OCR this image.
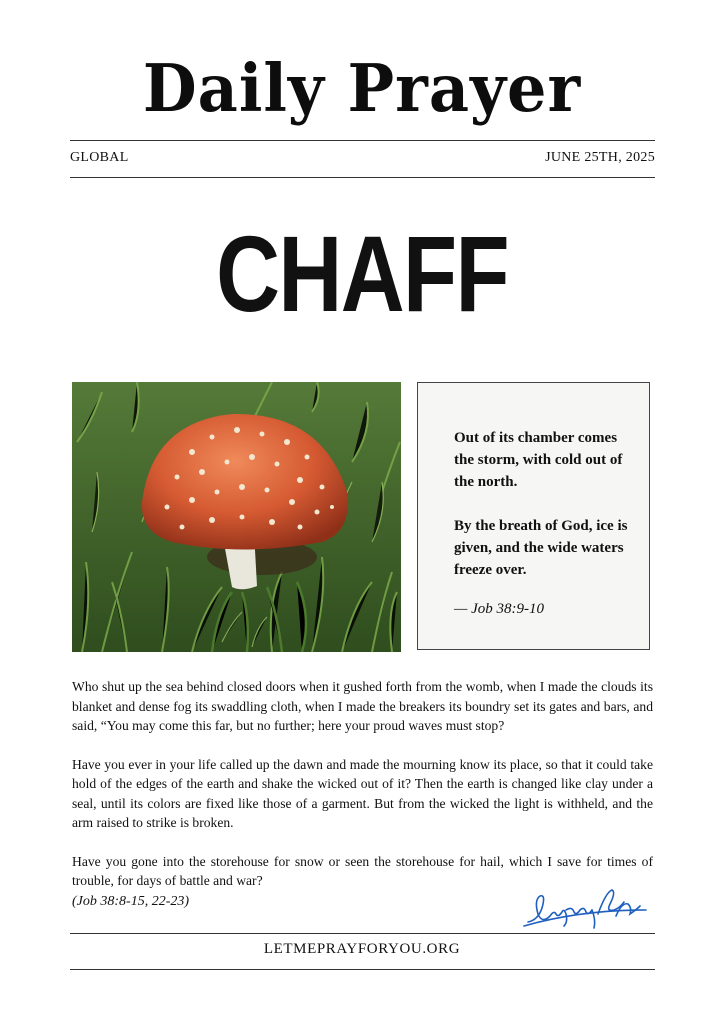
Daily Prayer
GLOBAL	JUNE 25TH, 2025
CHAFF

Out of its chamber comes the storm, with cold out of the north.

By the breath of God, ice is given, and the wide waters freeze over.

— Job 38:9-10

Who shut up the sea behind closed doors when it gushed forth from the womb, when I made the clouds its blanket and dense fog its swaddling cloth, when I made the breakers its boundry set its gates and bars, and said, “You may come this far, but no further; here your proud waves must stop?

Have you ever in your life called up the dawn and made the mourning know its place, so that it could take hold of the edges of the earth and shake the wicked out of it? Then the earth is changed like clay under a seal, until its colors are fixed like those of a garment. But from the wicked the light is withheld, and the arm raised to strike is broken.

Have you gone into the storehouse for snow or seen the storehouse for hail, which I save for times of trouble, for days of battle and war?

(Job 38:8-15, 22-23)
LETMEPRAYFORYOU.ORG
